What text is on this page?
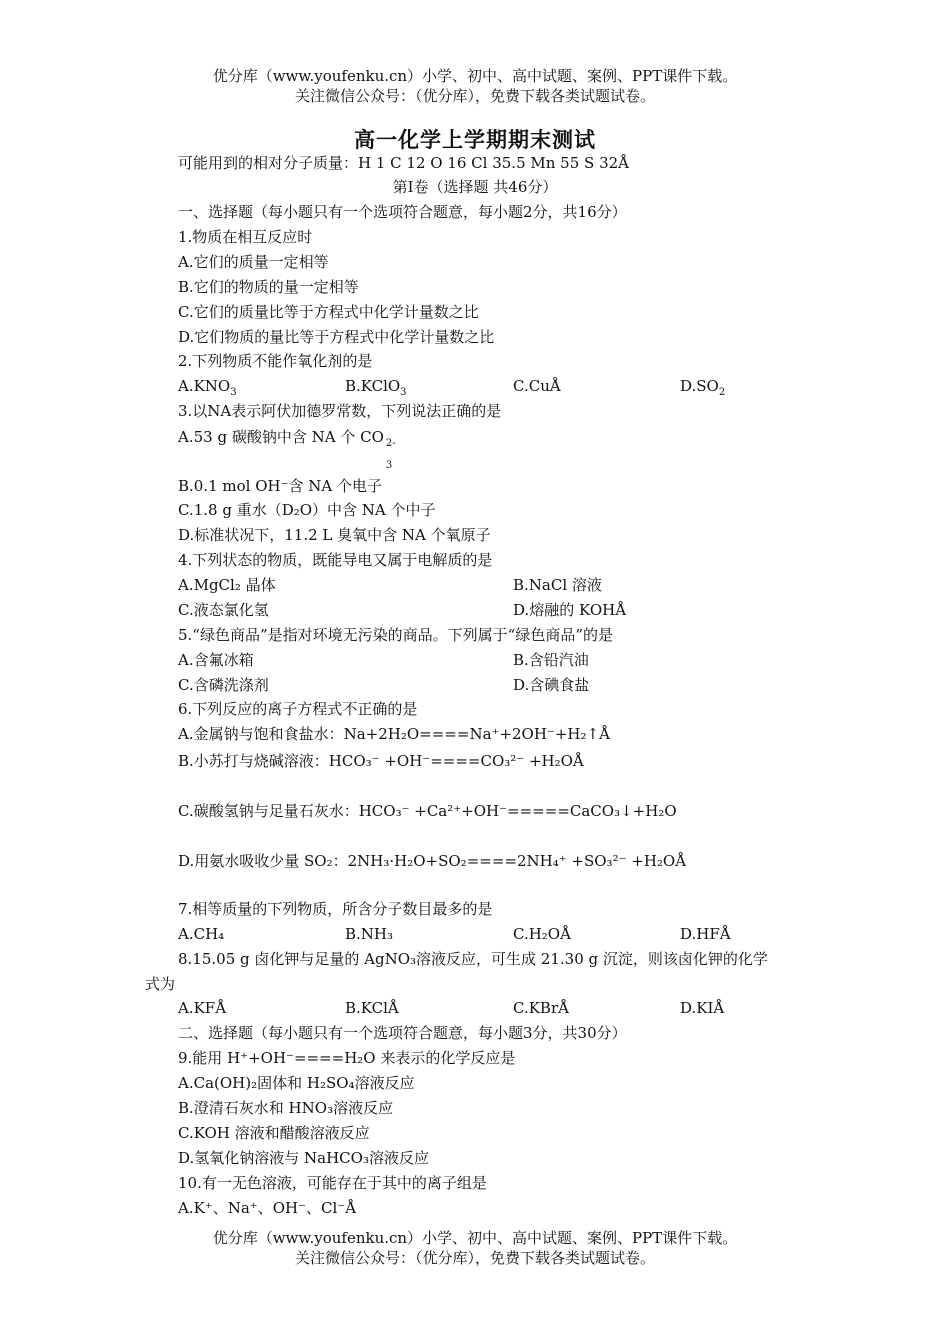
优分库（www.youfenku.cn）小学、初中、高中试题、案例、PPT课件下载。
关注微信公众号：（优分库），免费下载各类试题试卷。
高一化学上学期期末测试
可能用到的相对分子质量：H 1 C 12 O 16 Cl 35.5 Mn 55 S 32Å
第Ⅰ卷（选择题 共46分）
一、选择题（每小题只有一个选项符合题意，每小题2分，共16分）
1.物质在相互反应时
A.它们的质量一定相等
B.它们的物质的量一定相等
C.它们的质量比等于方程式中化学计量数之比
D.它们物质的量比等于方程式中化学计量数之比
2.下列物质不能作氧化剂的是
$A.KNO_3$	B.KClO$_3$	C.CuÅ	$D.SO_2$
3.以NA表示阿伏加德罗常数，下列说法正确的是
A.53 g 碳酸钠中含 NA 个 CO 2-
3
B.0.1 mol OH⁻含 NA 个电子
C.1.8 g 重水（D₂O）中含 NA 个中子
D.标准状况下，11.2 L 臭氧中含 NA 个氧原子
4.下列状态的物质，既能导电又属于电解质的是
A.MgCl₂ 晶体	B.NaCl 溶液
C.液态氯化氢	D.熔融的 KOHÅ
5.“绿色商品”是指对环境无污染的商品。下列属于“绿色商品”的是
A.含氟冰箱	B.含铅汽油
C.含磷洗涤剂	D.含碘食盐
6.下列反应的离子方程式不正确的是
A.金属钠与饱和食盐水：Na+2H₂O====Na⁺+2OH⁻+H₂↑Å
B.小苏打与烧碱溶液：HCO₃⁻ +OH⁻====CO₃²⁻ +H₂OÅ
C.碳酸氢钠与足量石灰水：HCO₃⁻ +Ca²⁺+OH⁻=====CaCO₃↓+H₂O
D.用氨水吸收少量 SO₂：2NH₃·H₂O+SO₂====2NH₄⁺ +SO₃²⁻ +H₂OÅ
7.相等质量的下列物质，所含分子数目最多的是
A.CH₄	B.NH₃	C.H₂OÅ	D.HFÅ
8.15.05 g 卤化钾与足量的 AgNO₃溶液反应，可生成 21.30 g 沉淀，则该卤化钾的化学
式为
A.KFÅ	B.KClÅ	C.KBrÅ	D.KIÅ
二、选择题（每小题只有一个选项符合题意，每小题3分，共30分）
9.能用 H⁺+OH⁻====H₂O 来表示的化学反应是
A.Ca(OH)₂固体和 H₂SO₄溶液反应
B.澄清石灰水和 HNO₃溶液反应
C.KOH 溶液和醋酸溶液反应
D.氢氧化钠溶液与 NaHCO₃溶液反应
10.有一无色溶液，可能存在于其中的离子组是
A.K⁺、Na⁺、OH⁻、Cl⁻Å
优分库（www.youfenku.cn）小学、初中、高中试题、案例、PPT课件下载。
关注微信公众号：（优分库），免费下载各类试题试卷。
